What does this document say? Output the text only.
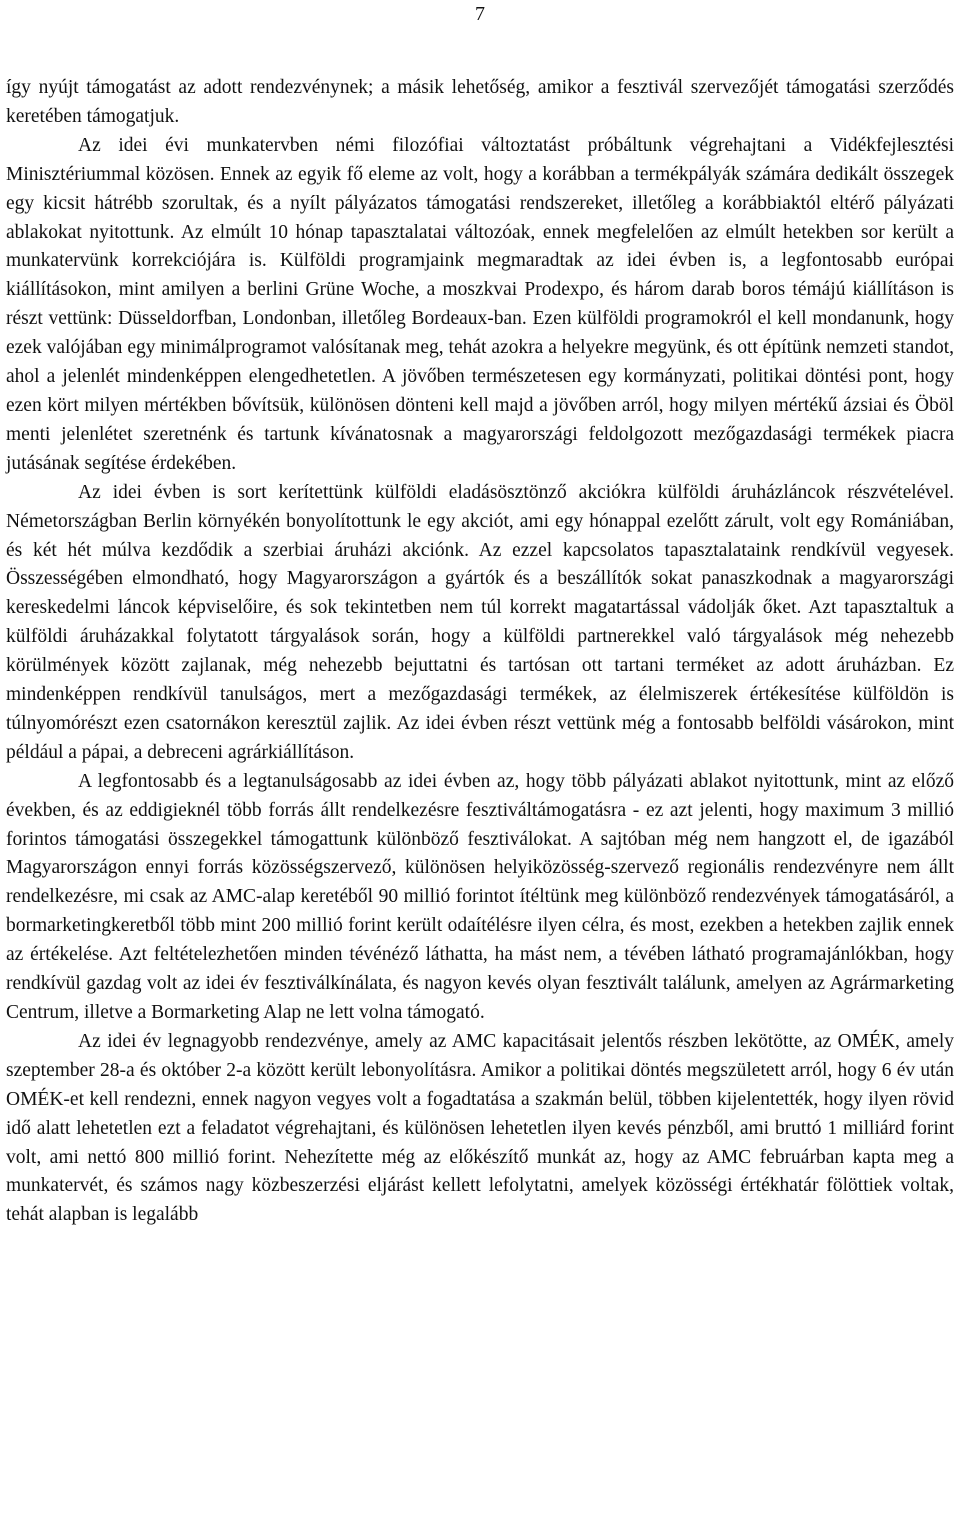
7

így nyújt támogatást az adott rendezvénynek; a másik lehetőség, amikor a fesztivál szervezőjét támogatási szerződés keretében támogatjuk.

Az idei évi munkatervben némi filozófiai változtatást próbáltunk végrehajtani a Vidékfejlesztési Minisztériummal közösen. Ennek az egyik fő eleme az volt, hogy a korábban a termékpályák számára dedikált összegek egy kicsit hátrébb szorultak, és a nyílt pályázatos támogatási rendszereket, illetőleg a korábbiaktól eltérő pályázati ablakokat nyitottunk. Az elmúlt 10 hónap tapasztalatai változóak, ennek megfelelően az elmúlt hetekben sor került a munkatervünk korrekciójára is. Külföldi programjaink megmaradtak az idei évben is, a legfontosabb európai kiállításokon, mint amilyen a berlini Grüne Woche, a moszkvai Prodexpo, és három darab boros témájú kiállításon is részt vettünk: Düsseldorfban, Londonban, illetőleg Bordeaux-ban. Ezen külföldi programokról el kell mondanunk, hogy ezek valójában egy minimálprogramot valósítanak meg, tehát azokra a helyekre megyünk, és ott építünk nemzeti standot, ahol a jelenlét mindenképpen elengedhetetlen. A jövőben természetesen egy kormányzati, politikai döntési pont, hogy ezen kört milyen mértékben bővítsük, különösen dönteni kell majd a jövőben arról, hogy milyen mértékű ázsiai és Öböl menti jelenlétet szeretnénk és tartunk kívánatosnak a magyarországi feldolgozott mezőgazdasági termékek piacra jutásának segítése érdekében.

Az idei évben is sort kerítettünk külföldi eladásösztönző akciókra külföldi áruházláncok részvételével. Németországban Berlin környékén bonyolítottunk le egy akciót, ami egy hónappal ezelőtt zárult, volt egy Romániában, és két hét múlva kezdődik a szerbiai áruházi akciónk. Az ezzel kapcsolatos tapasztalataink rendkívül vegyesek. Összességében elmondható, hogy Magyarországon a gyártók és a beszállítók sokat panaszkodnak a magyarországi kereskedelmi láncok képviselőire, és sok tekintetben nem túl korrekt magatartással vádolják őket. Azt tapasztaltuk a külföldi áruházakkal folytatott tárgyalások során, hogy a külföldi partnerekkel való tárgyalások még nehezebb körülmények között zajlanak, még nehezebb bejuttatni és tartósan ott tartani terméket az adott áruházban. Ez mindenképpen rendkívül tanulságos, mert a mezőgazdasági termékek, az élelmiszerek értékesítése külföldön is túlnyomórészt ezen csatornákon keresztül zajlik. Az idei évben részt vettünk még a fontosabb belföldi vásárokon, mint például a pápai, a debreceni agrárkiállításon.

A legfontosabb és a legtanulságosabb az idei évben az, hogy több pályázati ablakot nyitottunk, mint az előző években, és az eddigieknél több forrás állt rendelkezésre fesztiváltámogatásra - ez azt jelenti, hogy maximum 3 millió forintos támogatási összegekkel támogattunk különböző fesztiválokat. A sajtóban még nem hangzott el, de igazából Magyarországon ennyi forrás közösségszervező, különösen helyiközösség-szervező regionális rendezvényre nem állt rendelkezésre, mi csak az AMC-alap keretéből 90 millió forintot ítéltünk meg különböző rendezvények támogatásáról, a bormarketingkeretből több mint 200 millió forint került odaítélésre ilyen célra, és most, ezekben a hetekben zajlik ennek az értékelése. Azt feltételezhetően minden tévénéző láthatta, ha mást nem, a tévében látható programajánlókban, hogy rendkívül gazdag volt az idei év fesztiválkínálata, és nagyon kevés olyan fesztivált találunk, amelyen az Agrármarketing Centrum, illetve a Bormarketing Alap ne lett volna támogató.

Az idei év legnagyobb rendezvénye, amely az AMC kapacitásait jelentős részben lekötötte, az OMÉK, amely szeptember 28-a és október 2-a között került lebonyolításra. Amikor a politikai döntés megszületett arról, hogy 6 év után OMÉK-et kell rendezni, ennek nagyon vegyes volt a fogadtatása a szakmán belül, többen kijelentették, hogy ilyen rövid idő alatt lehetetlen ezt a feladatot végrehajtani, és különösen lehetetlen ilyen kevés pénzből, ami bruttó 1 milliárd forint volt, ami nettó 800 millió forint. Nehezítette még az előkészítő munkát az, hogy az AMC februárban kapta meg a munkatervét, és számos nagy közbeszerzési eljárást kellett lefolytatni, amelyek közösségi értékhatár fölöttiek voltak, tehát alapban is legalább
